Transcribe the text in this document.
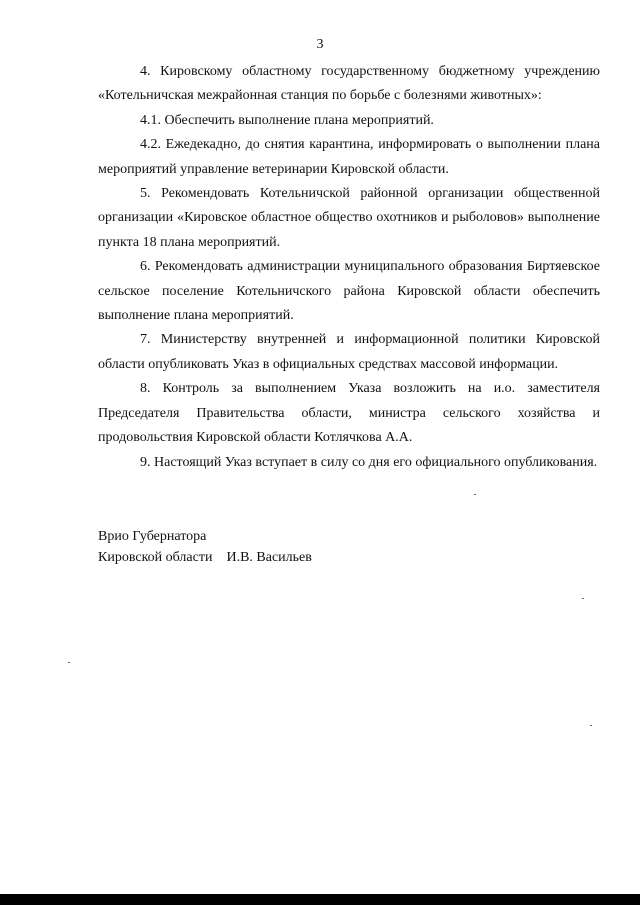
3

4. Кировскому областному государственному бюджетному учреждению «Котельничская межрайонная станция по борьбе с болезнями животных»:

4.1. Обеспечить выполнение плана мероприятий.

4.2. Ежедекадно, до снятия карантина, информировать о выполнении плана мероприятий управление ветеринарии Кировской области.

5. Рекомендовать Котельничской районной организации общественной организации «Кировское областное общество охотников и рыболовов» выполнение пункта 18 плана мероприятий.

6. Рекомендовать администрации муниципального образования Биртяевское сельское поселение Котельничского района Кировской области обеспечить выполнение плана мероприятий.

7. Министерству внутренней и информационной политики Кировской области опубликовать Указ в официальных средствах массовой информации.

8. Контроль за выполнением Указа возложить на и.о. заместителя Председателя Правительства области, министра сельского хозяйства и продовольствия Кировской области Котлячкова А.А.

9. Настоящий Указ вступает в силу со дня его официального опубликования.

Врио Губернатора
Кировской области И.В. Васильев
